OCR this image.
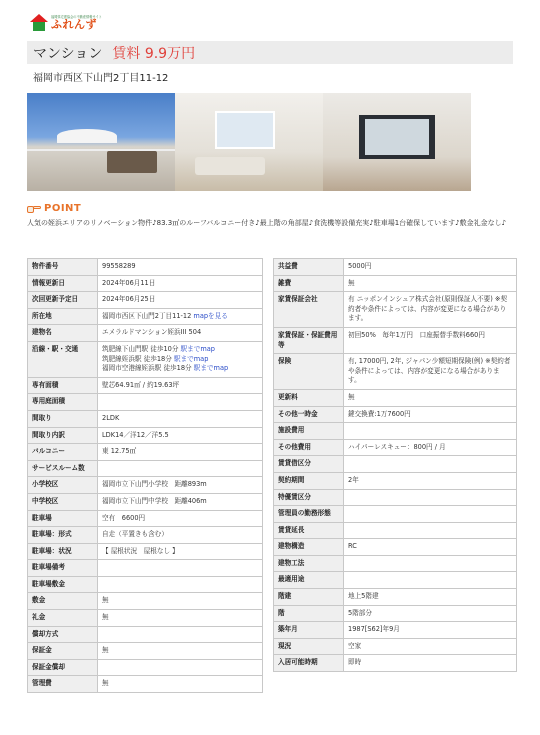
福岡県宅建協会の不動産情報サイト
ふれんず
マンション 賃料 9.9万円
福岡市西区下山門2丁目11-12
POINT
人気の姪浜エリアのリノベーション物件♪83.3㎡のルーフバルコニー付き♪最上階の角部屋♪食洗機等設備充実♪駐車場1台確保しています♪敷金礼金なし♪
物件番号	99558289
情報更新日	2024年06月11日
次回更新予定日	2024年06月25日
所在地	福岡市西区下山門2丁目11-12 mapを見る
建物名	エメラルドマンション姪浜III 504
沿線・駅・交通	筑肥線下山門駅 徒歩10分 駅までmap
筑肥線姪浜駅 徒歩18分 駅までmap
福岡市空港線姪浜駅 徒歩18分 駅までmap

専有面積	壁芯64.91㎡ / 約19.63坪
専用庭面積	
間取り	2LDK
間取り内訳	LDK14／洋12／洋5.5
バルコニー	東 12.75㎡
サービスルーム数	
小学校区	福岡市立下山門小学校　距離893m
中学校区	福岡市立下山門中学校　距離406m
駐車場	空有　6600円
駐車場：形式	自走（平置きも含む）
駐車場：状況	【 屋根状況　屋根なし 】
駐車場備考	
駐車場敷金	
敷金	無
礼金	無
償却方式	
保証金	無
保証金償却	
管理費	無
共益費	5000円
雑費	無
家賃保証会社	有 ニッポンインシュア株式会社(原則保証人不要) ※契約者や条件によっては、内容が変更になる場合があります。
家賃保証・保証費用等	初回50%　毎年1万円　口座振替手数料660円
保険	有, 17000円, 2年, ジャパン少額短期保険(例) ※契約者や条件によっては、内容が変更になる場合があります。
更新料	無
その他一時金	鍵交換費:1万7600円
施設費用	
その他費用	ハイパーレスキュー：800円 / 月
賃貸借区分	
契約期間	2年
特優賃区分	
管理員の勤務形態	
賃貸延長	
建物構造	RC
建物工法	
最適用途	
階建	地上5階建
階	5階部分
築年月	1987[S62]年9月
現況	空家
入居可能時期	即時
